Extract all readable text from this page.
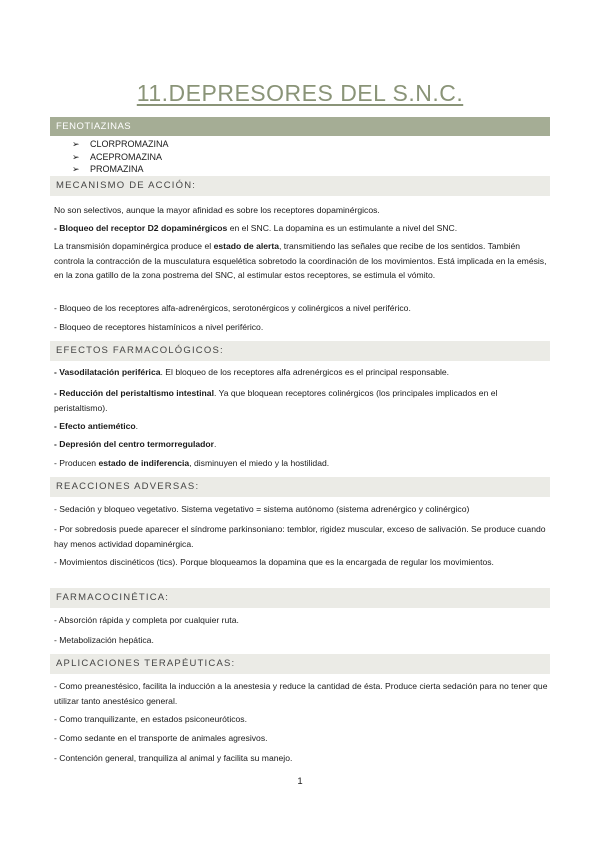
11.DEPRESORES DEL S.N.C.
FENOTIAZINAS
➢ CLORPROMAZINA
➢ ACEPROMAZINA
➢ PROMAZINA
MECANISMO DE ACCIÓN:

No son selectivos, aunque la mayor afinidad es sobre los receptores dopaminérgicos.

- Bloqueo del receptor D2 dopaminérgicos en el SNC. La dopamina es un estimulante a nivel del SNC.

La transmisión dopaminérgica produce el estado de alerta, transmitiendo las señales que recibe de los sentidos. También controla la contracción de la musculatura esquelética sobretodo la coordinación de los movimientos. Está implicada en la emésis, en la zona gatillo de la zona postrema del SNC, al estimular estos receptores, se estimula el vómito.

- Bloqueo de los receptores alfa-adrenérgicos, serotonérgicos y colinérgicos a nivel periférico.

- Bloqueo de receptores histamínicos a nivel periférico.

EFECTOS FARMACOLÓGICOS:

- Vasodilatación periférica. El bloqueo de los receptores alfa adrenérgicos es el principal responsable.

- Reducción del peristaltismo intestinal. Ya que bloquean receptores colinérgicos (los principales implicados en el peristaltismo).

- Efecto antiemético.

- Depresión del centro termorregulador.

- Producen estado de indiferencia, disminuyen el miedo y la hostilidad.

REACCIONES ADVERSAS:

- Sedación y bloqueo vegetativo. Sistema vegetativo = sistema autónomo (sistema adrenérgico y colinérgico)

- Por sobredosis puede aparecer el síndrome parkinsoniano: temblor, rigidez muscular, exceso de salivación. Se produce cuando hay menos actividad dopaminérgica.

- Movimientos discinéticos (tics). Porque bloqueamos la dopamina que es la encargada de regular los movimientos.

FARMACOCINÉTICA:

- Absorción rápida y completa por cualquier ruta.

- Metabolización hepática.

APLICACIONES TERAPÉUTICAS:

- Como preanestésico, facilita la inducción a la anestesia y reduce la cantidad de ésta. Produce cierta sedación para no tener que utilizar tanto anestésico general.

- Como tranquilizante, en estados psiconeuróticos.

- Como sedante en el transporte de animales agresivos.

- Contención general, tranquiliza al animal y facilita su manejo.

1
